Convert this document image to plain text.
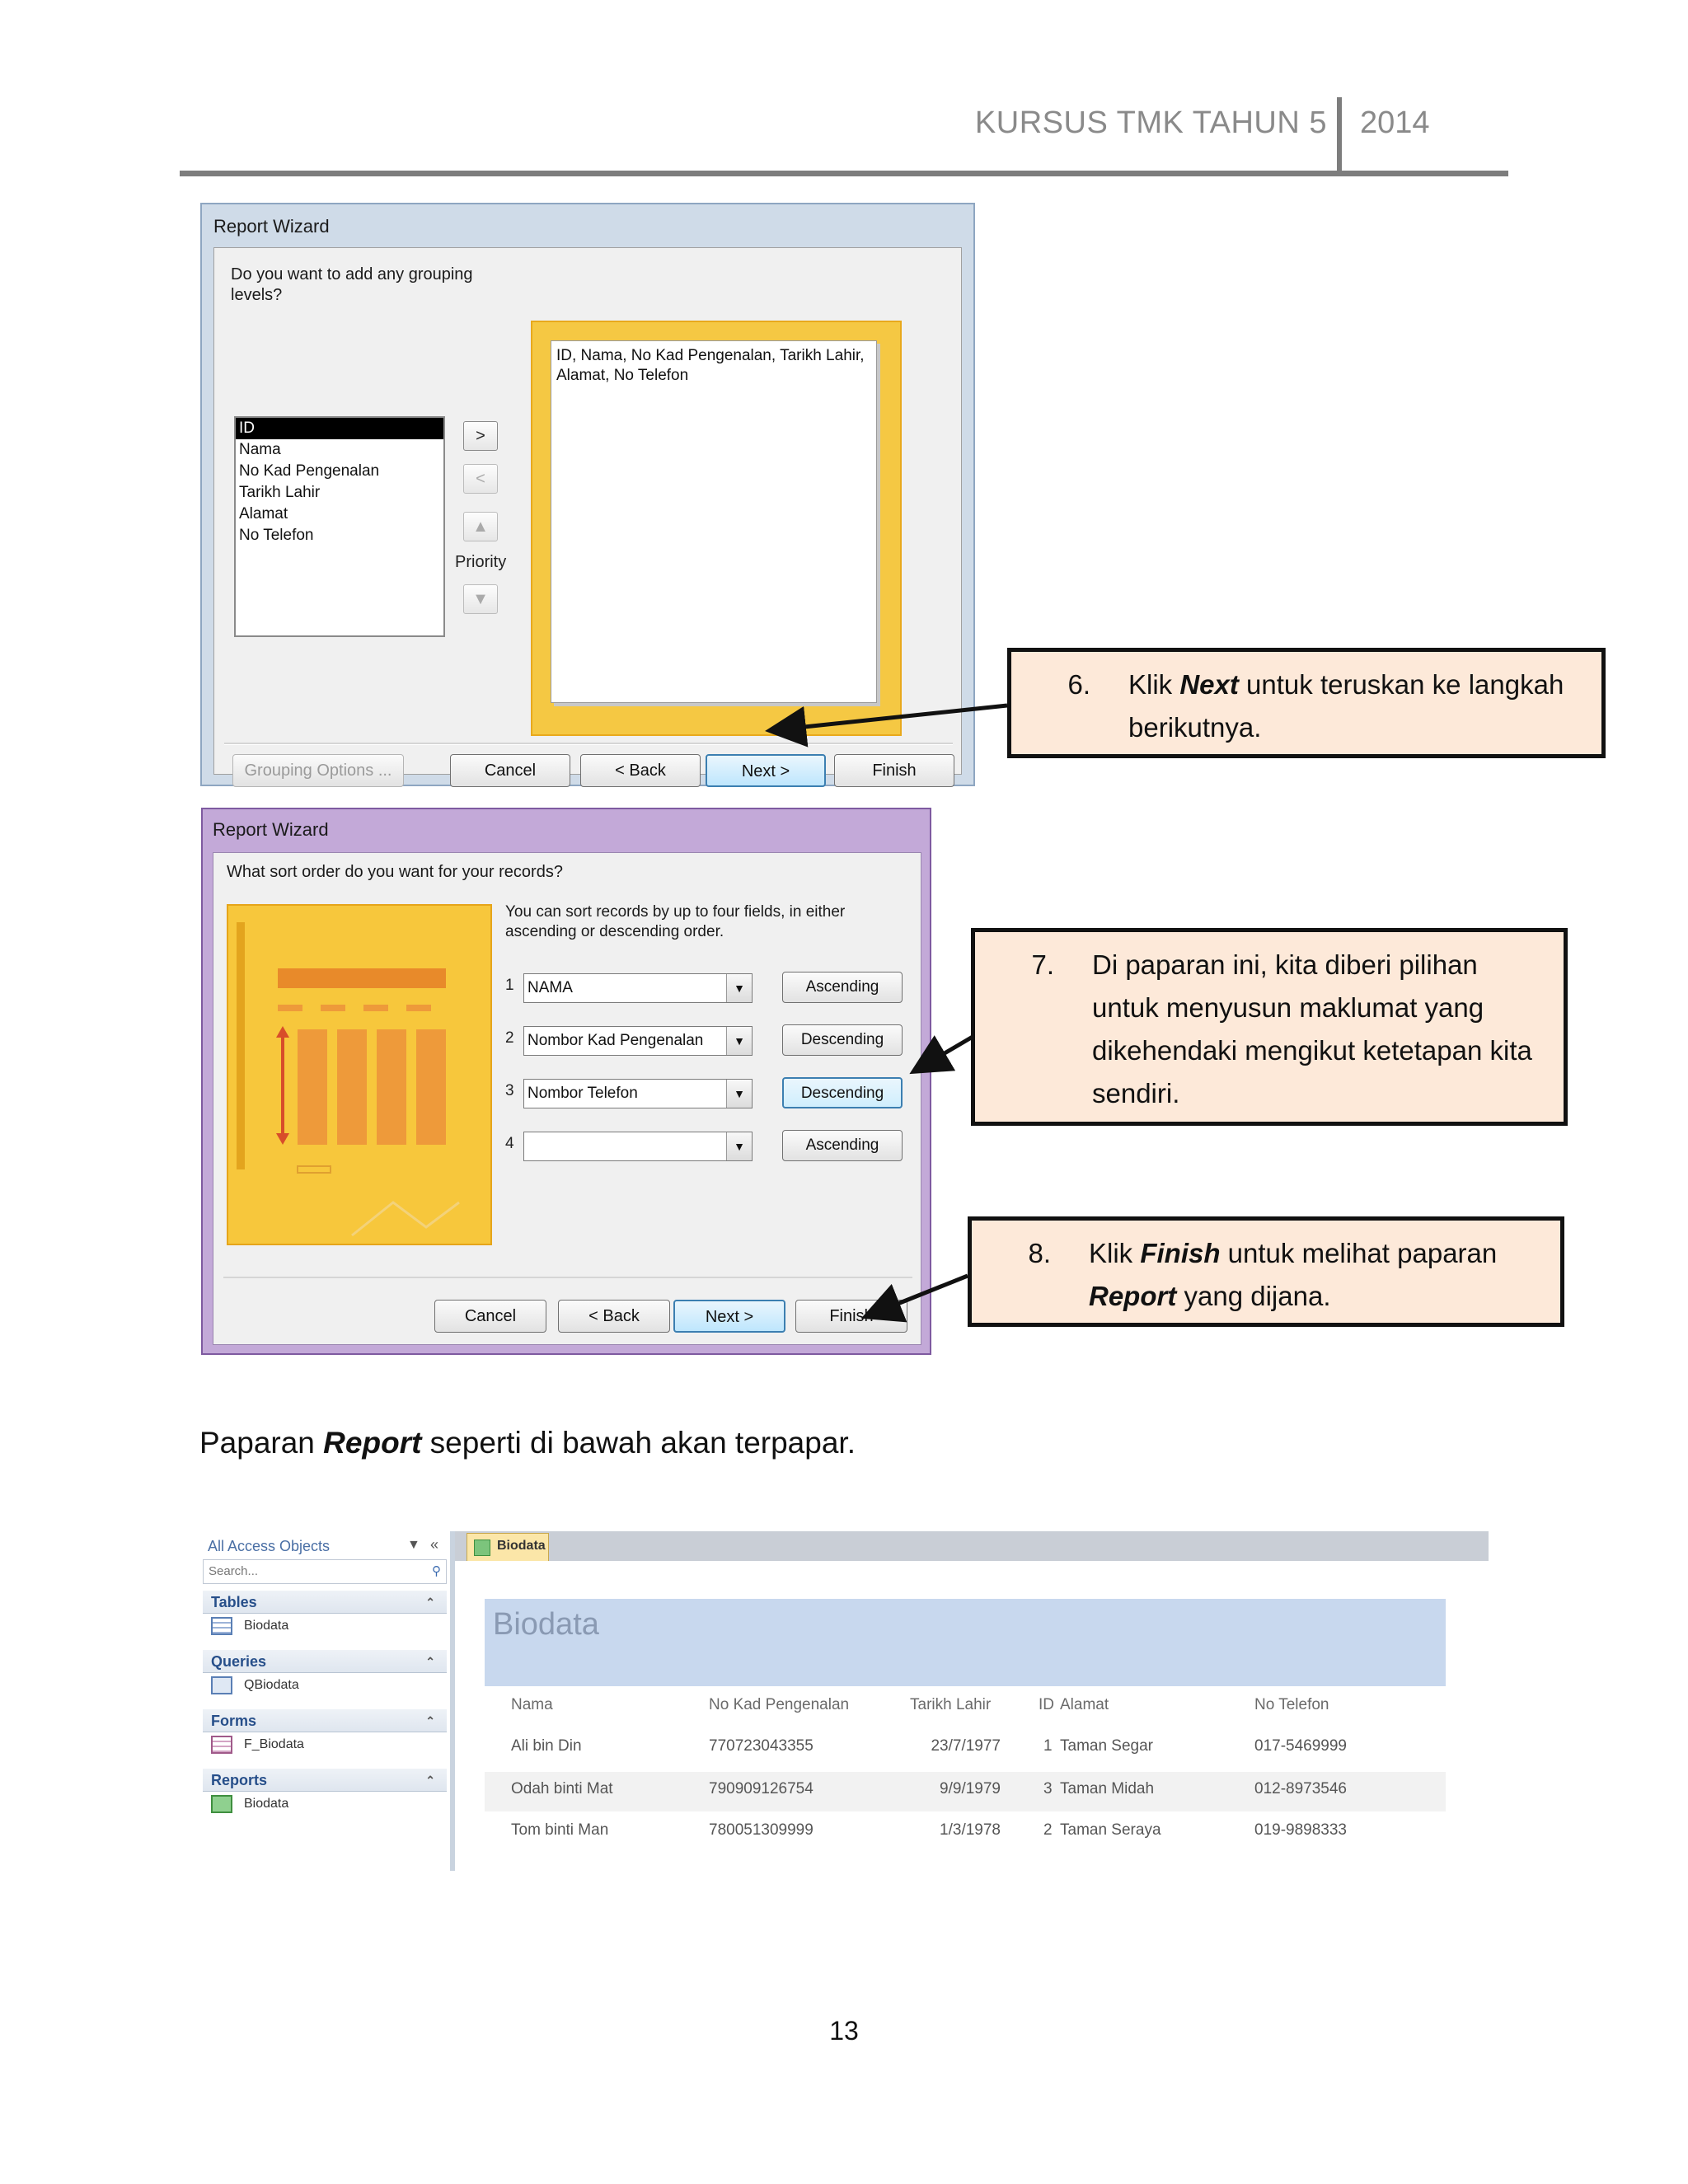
KURSUS TMK TAHUN 5 2014
Report Wizard
Do you want to add any grouping levels?
ID
Nama
No Kad Pengenalan
Tarikh Lahir
Alamat
No Telefon
>
<
▲
Priority
▼
ID, Nama, No Kad Pengenalan, Tarikh Lahir, Alamat, No Telefon
Grouping Options ...	Cancel	< Back	Next >	Finish
Report Wizard
What sort order do you want for your records?
You can sort records by up to four fields, in either ascending or descending order.
1 NAMA	▼	Ascending
2 Nombor Kad Pengenalan	▼	Descending
3 Nombor Telefon	▼	Descending
4	▼	Ascending
Cancel	< Back	Next >	Finish
6. Klik Next untuk teruskan ke langkah berikutnya.
7. Di paparan ini, kita diberi pilihan untuk menyusun maklumat yang dikehendaki mengikut ketetapan kita sendiri.
8. Klik Finish untuk melihat paparan Report yang dijana.
Paparan Report seperti di bawah akan terpapar.
All Access Objects	▼ «
Search...	⚲
Tables	⌃
Biodata
Queries	⌃
QBiodata
Forms	⌃
F_Biodata
Reports	⌃
Biodata
Biodata
Biodata
Nama	No Kad Pengenalan	Tarikh Lahir	ID Alamat	No Telefon
Ali bin Din	770723043355	23/7/1977	1 Taman Segar	017-5469999
Odah binti Mat	790909126754	9/9/1979	3 Taman Midah	012-8973546
Tom binti Man	780051309999	1/3/1978	2 Taman Seraya	019-9898333
13
